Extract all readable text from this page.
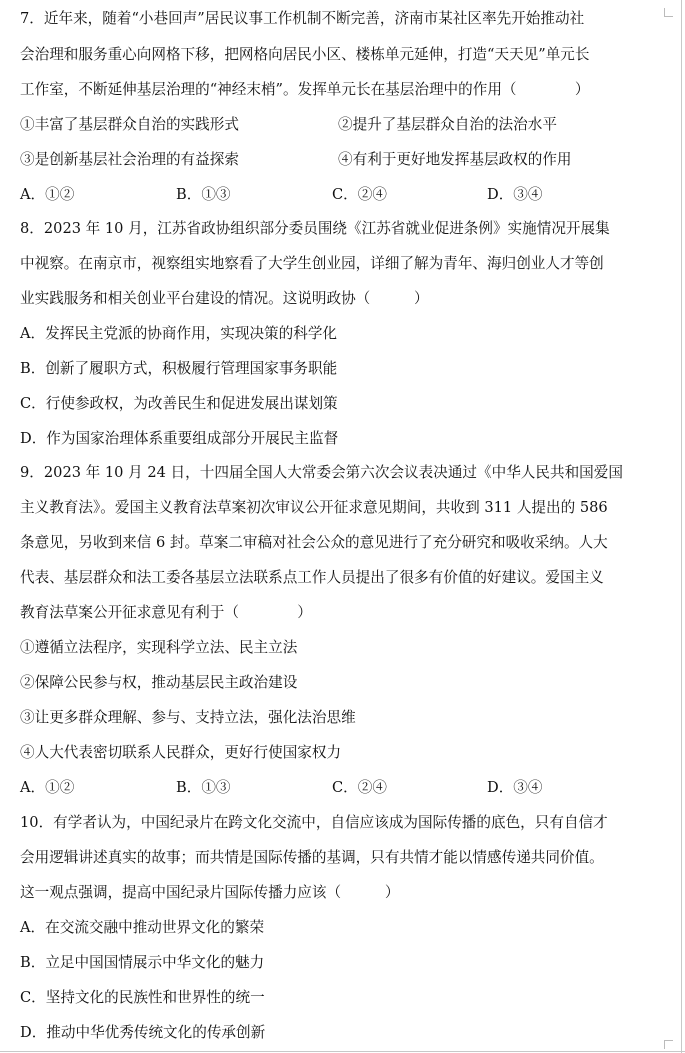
7．近年来，随着“小巷回声”居民议事工作机制不断完善，济南市某社区率先开始推动社
会治理和服务重心向网格下移，把网格向居民小区、楼栋单元延伸，打造“天天见”单元长
工作室，不断延伸基层治理的“神经末梢”。发挥单元长在基层治理中的作用（　　　　）
①丰富了基层群众自治的实践形式	②提升了基层群众自治的法治水平
③是创新基层社会治理的有益探索	④有利于更好地发挥基层政权的作用
A．①②	B．①③	C．②④	D．③④
8．2023 年 10 月，江苏省政协组织部分委员围绕《江苏省就业促进条例》实施情况开展集
中视察。在南京市，视察组实地察看了大学生创业园，详细了解为青年、海归创业人才等创
业实践服务和相关创业平台建设的情况。这说明政协（　　　）
A．发挥民主党派的协商作用，实现决策的科学化
B．创新了履职方式，积极履行管理国家事务职能
C．行使参政权，为改善民生和促进发展出谋划策
D．作为国家治理体系重要组成部分开展民主监督
9．2023 年 10 月 24 日，十四届全国人大常委会第六次会议表决通过《中华人民共和国爱国
主义教育法》。爱国主义教育法草案初次审议公开征求意见期间，共收到 311 人提出的 586
条意见，另收到来信 6 封。草案二审稿对社会公众的意见进行了充分研究和吸收采纳。人大
代表、基层群众和法工委各基层立法联系点工作人员提出了很多有价值的好建议。爱国主义
教育法草案公开征求意见有利于（　　　　）
①遵循立法程序，实现科学立法、民主立法
②保障公民参与权，推动基层民主政治建设
③让更多群众理解、参与、支持立法，强化法治思维
④人大代表密切联系人民群众，更好行使国家权力
A．①②	B．①③	C．②④	D．③④
10．有学者认为，中国纪录片在跨文化交流中，自信应该成为国际传播的底色，只有自信才
会用逻辑讲述真实的故事；而共情是国际传播的基调，只有共情才能以情感传递共同价值。
这一观点强调，提高中国纪录片国际传播力应该（　　　）
A．在交流交融中推动世界文化的繁荣
B．立足中国国情展示中华文化的魅力
C．坚持文化的民族性和世界性的统一
D．推动中华优秀传统文化的传承创新
